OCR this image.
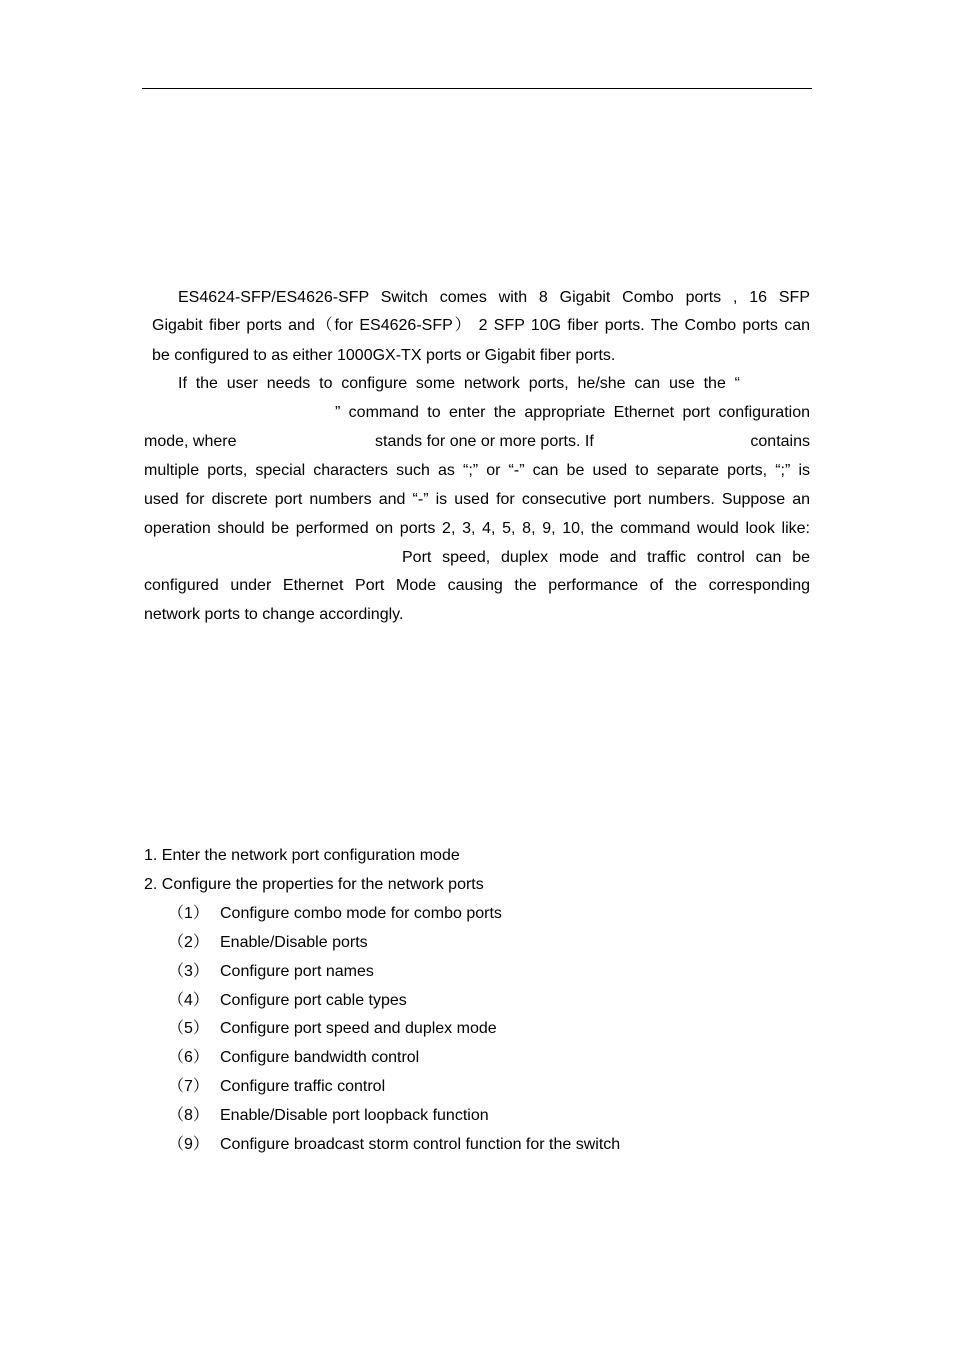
ES4624-SFP/ES4626-SFP Switch comes with 8 Gigabit Combo ports , 16 SFP
Gigabit fiber ports and（for ES4626-SFP） 2 SFP 10G fiber ports. The Combo ports can
be configured to as either 1000GX-TX ports or Gigabit fiber ports.
If the user needs to configure some network ports, he/she can use the “
” command to enter the appropriate Ethernet port configuration
mode, where	stands for one or more ports. If	contains
multiple ports, special characters such as “;” or “-” can be used to separate ports, “;” is
used for discrete port numbers and “-” is used for consecutive port numbers. Suppose an
operation should be performed on ports 2, 3, 4, 5, 8, 9, 10, the command would look like:
Port speed, duplex mode and traffic control can be
configured under Ethernet Port Mode causing the performance of the corresponding
network ports to change accordingly.
1. Enter the network port configuration mode
2. Configure the properties for the network ports
（1） Configure combo mode for combo ports
（2） Enable/Disable ports
（3） Configure port names
（4） Configure port cable types
（5） Configure port speed and duplex mode
（6） Configure bandwidth control
（7） Configure traffic control
（8） Enable/Disable port loopback function
（9） Configure broadcast storm control function for the switch
